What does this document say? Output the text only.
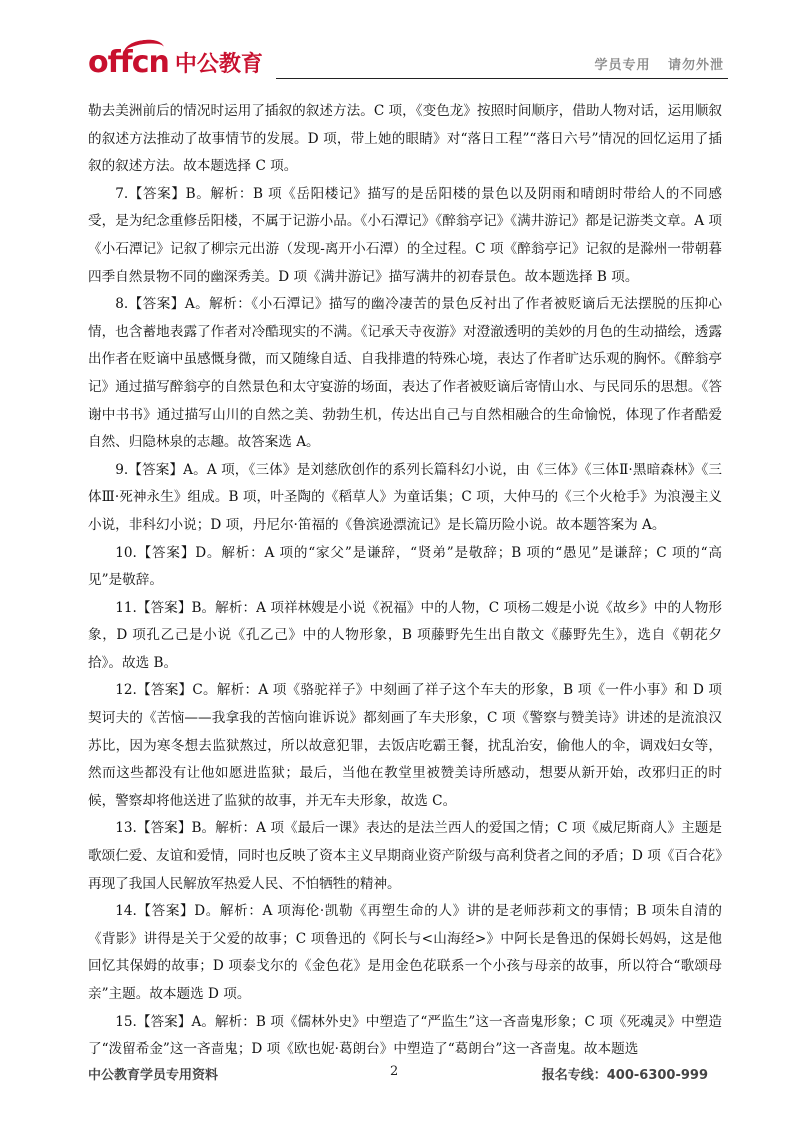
offcn 中公教育	学员专用 请勿外泄

勒去美洲前后的情况时运用了插叙的叙述方法。C 项，《变色龙》按照时间顺序，借助人物对话，运用顺叙的叙述方法推动了故事情节的发展。D 项，带上她的眼睛》对“落日工程”“落日六号”情况的回忆运用了插叙的叙述方法。故本题选择 C 项。

7.【答案】B。解析：B 项《岳阳楼记》描写的是岳阳楼的景色以及阴雨和晴朗时带给人的不同感受，是为纪念重修岳阳楼，不属于记游小品。《小石潭记》《醉翁亭记》《满井游记》都是记游类文章。A 项《小石潭记》记叙了柳宗元出游（发现-离开小石潭）的全过程。C 项《醉翁亭记》记叙的是滁州一带朝暮四季自然景物不同的幽深秀美。D 项《满井游记》描写满井的初春景色。故本题选择 B 项。

8.【答案】A。解析：《小石潭记》描写的幽冷凄苦的景色反衬出了作者被贬谪后无法摆脱的压抑心情，也含蓄地表露了作者对冷酷现实的不满。《记承天寺夜游》对澄澈透明的美妙的月色的生动描绘，透露出作者在贬谪中虽感慨身微，而又随缘自适、自我排遣的特殊心境，表达了作者旷达乐观的胸怀。《醉翁亭记》通过描写醉翁亭的自然景色和太守宴游的场面，表达了作者被贬谪后寄情山水、与民同乐的思想。《答谢中书书》通过描写山川的自然之美、勃勃生机，传达出自己与自然相融合的生命愉悦，体现了作者酷爱自然、归隐林泉的志趣。故答案选 A。

9.【答案】A。A 项，《三体》是刘慈欣创作的系列长篇科幻小说，由《三体》《三体Ⅱ·黑暗森林》《三体Ⅲ·死神永生》组成。B 项，叶圣陶的《稻草人》为童话集；C 项，大仲马的《三个火枪手》为浪漫主义小说，非科幻小说；D 项，丹尼尔·笛福的《鲁滨逊漂流记》是长篇历险小说。故本题答案为 A。

10.【答案】D。解析：A 项的“家父”是谦辞，“贤弟”是敬辞；B 项的“愚见”是谦辞；C 项的“高见”是敬辞。

11.【答案】B。解析：A 项祥林嫂是小说《祝福》中的人物，C 项杨二嫂是小说《故乡》中的人物形象，D 项孔乙己是小说《孔乙己》中的人物形象，B 项藤野先生出自散文《藤野先生》，选自《朝花夕拾》。故选 B。

12.【答案】C。解析：A 项《骆驼祥子》中刻画了祥子这个车夫的形象，B 项《一件小事》和 D 项契诃夫的《苦恼——我拿我的苦恼向谁诉说》都刻画了车夫形象，C 项《警察与赞美诗》讲述的是流浪汉苏比，因为寒冬想去监狱熬过，所以故意犯罪，去饭店吃霸王餐，扰乱治安，偷他人的伞，调戏妇女等，然而这些都没有让他如愿进监狱；最后，当他在教堂里被赞美诗所感动，想要从新开始，改邪归正的时候，警察却将他送进了监狱的故事，并无车夫形象，故选 C。

13.【答案】B。解析：A 项《最后一课》表达的是法兰西人的爱国之情；C 项《威尼斯商人》主题是歌颂仁爱、友谊和爱情，同时也反映了资本主义早期商业资产阶级与高利贷者之间的矛盾；D 项《百合花》再现了我国人民解放军热爱人民、不怕牺牲的精神。

14.【答案】D。解析：A 项海伦·凯勒《再塑生命的人》讲的是老师莎莉文的事情；B 项朱自清的《背影》讲得是关于父爱的故事；C 项鲁迅的《阿长与<山海经>》中阿长是鲁迅的保姆长妈妈，这是他回忆其保姆的故事；D 项泰戈尔的《金色花》是用金色花联系一个小孩与母亲的故事，所以符合“歌颂母亲”主题。故本题选 D 项。

15.【答案】A。解析：B 项《儒林外史》中塑造了“严监生”这一吝啬鬼形象；C 项《死魂灵》中塑造了“泼留希金”这一吝啬鬼；D 项《欧也妮·葛朗台》中塑造了“葛朗台”这一吝啬鬼。故本题选

中公教育学员专用资料	2	报名专线：400-6300-999
